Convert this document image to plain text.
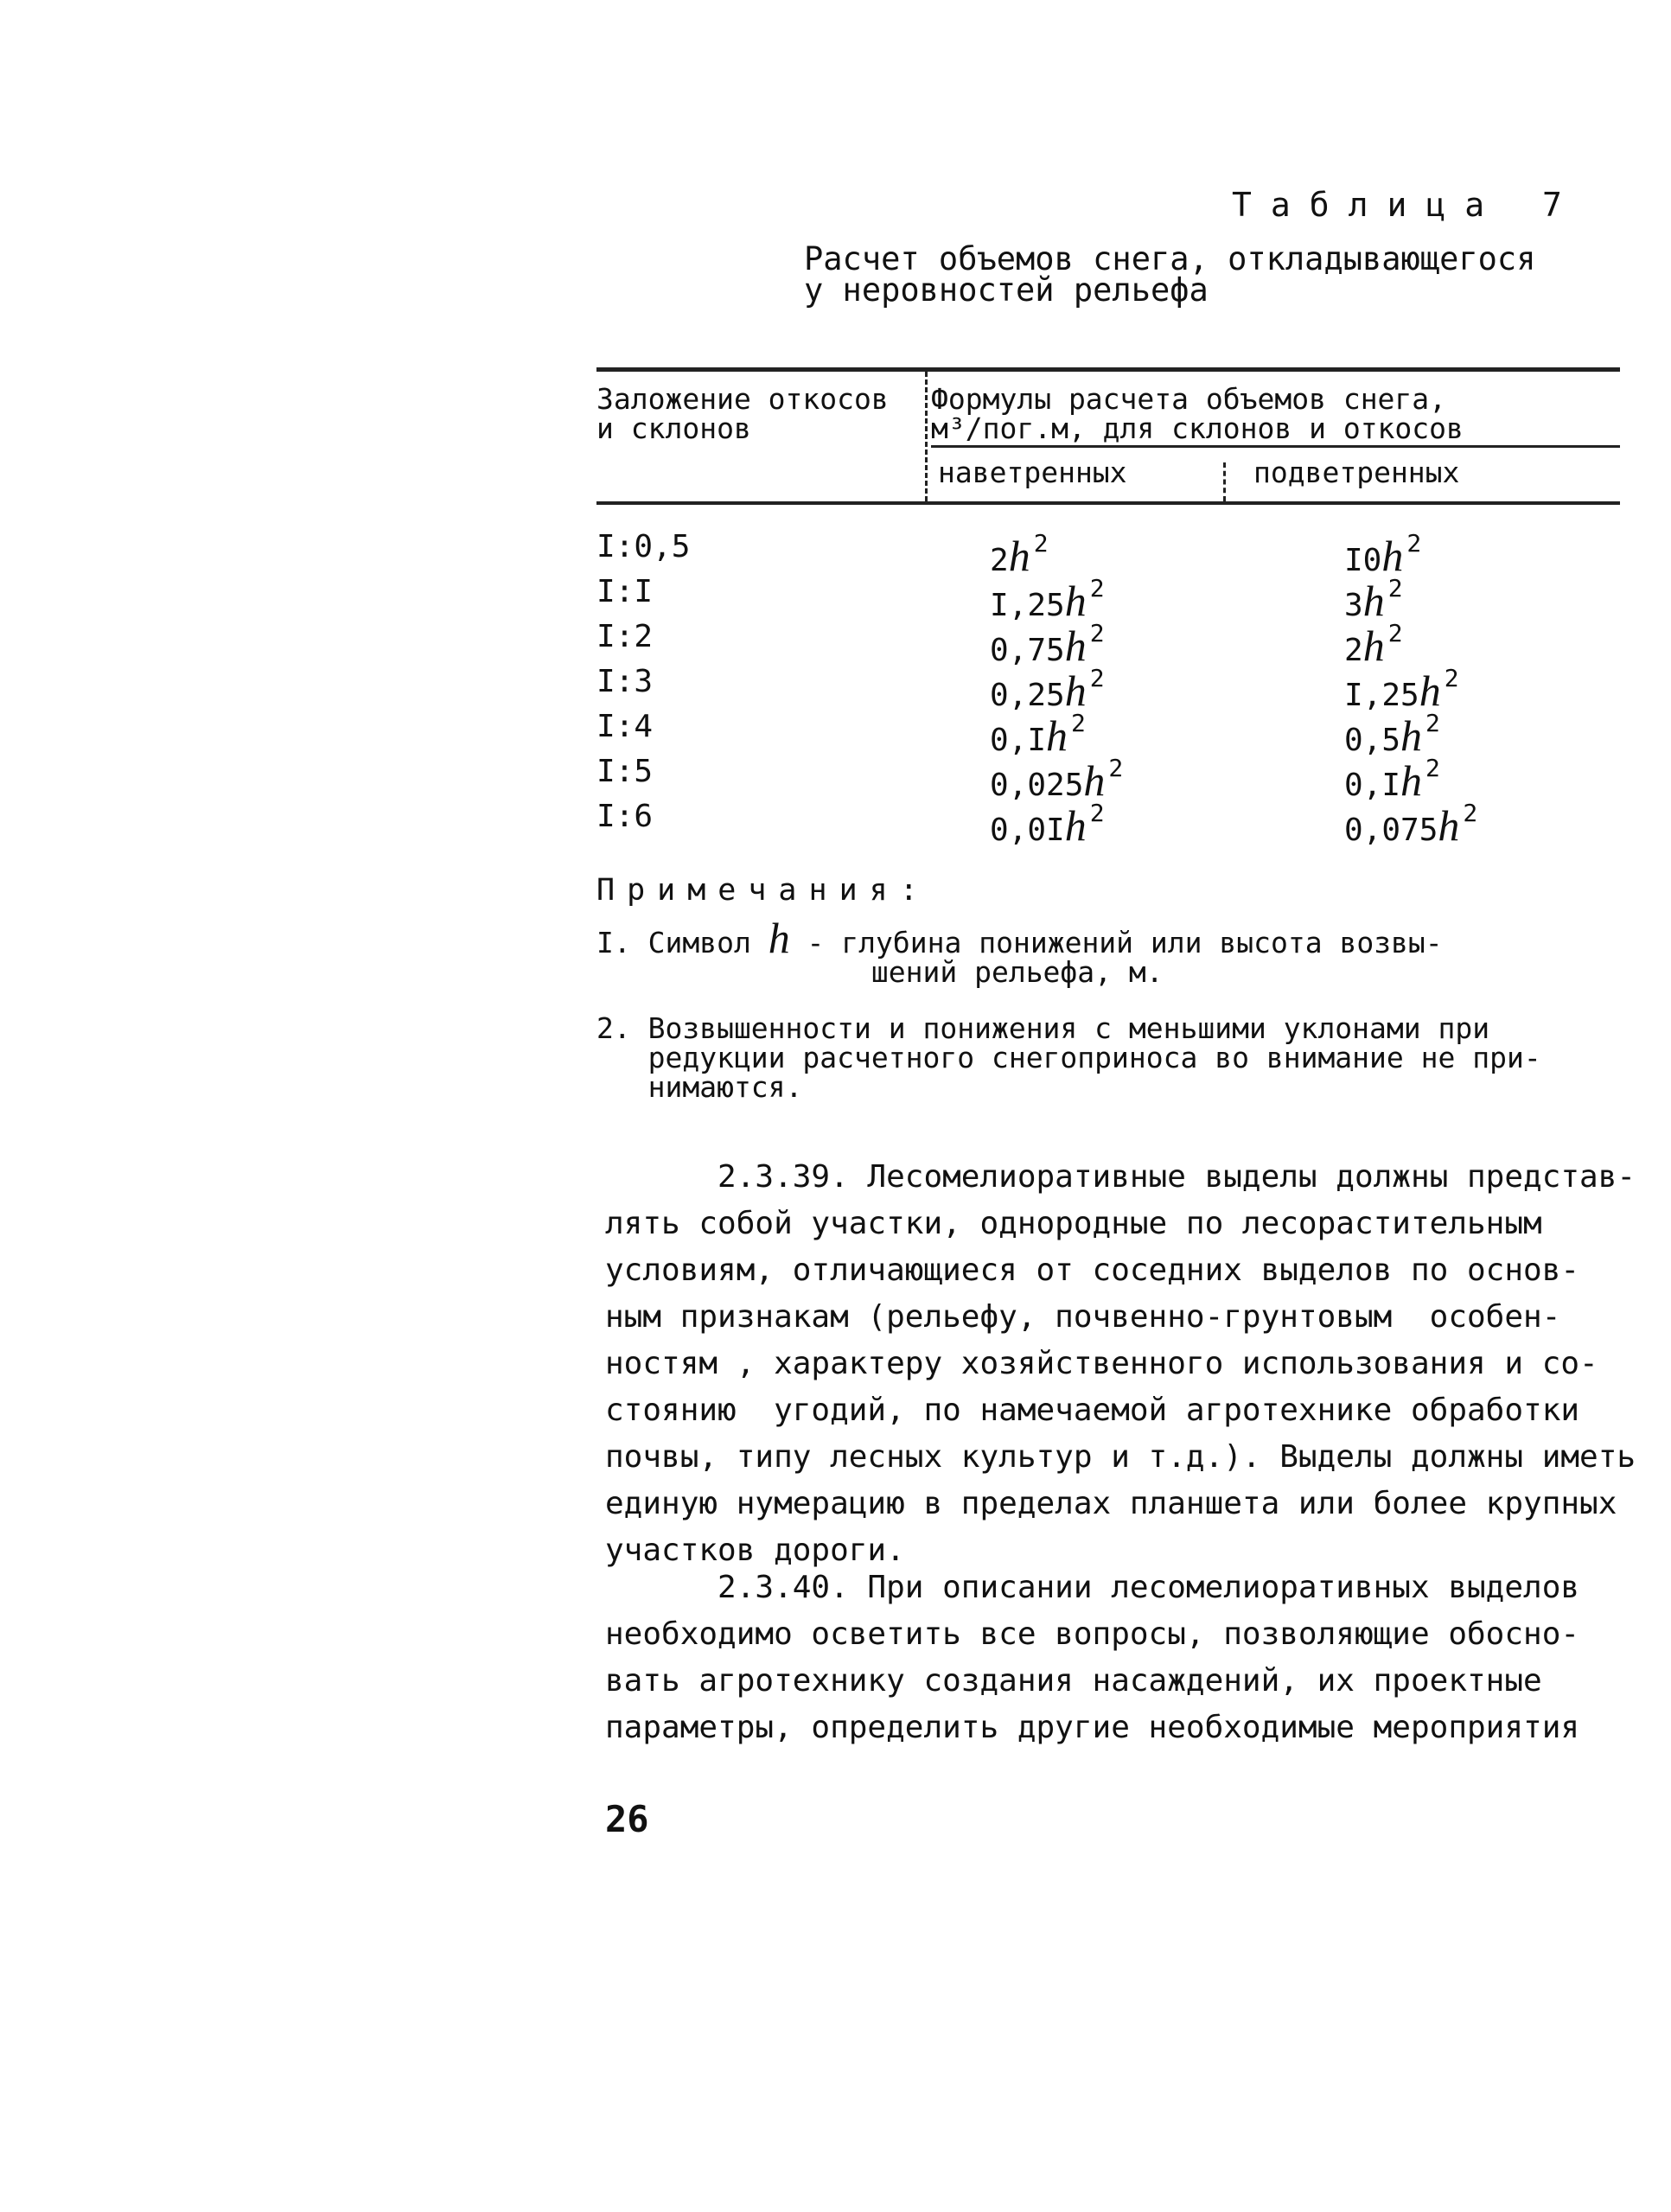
Таблица 7
Расчет объемов снега, откладывающегося
у неровностей рельефа
Заложение откосов
и склонов
Формулы расчета объемов снега,
м³/пог.м, для склонов и откосов
наветренных	подветренных
I:0,5	2h $^2$	I0h $^2$
I:I	I,25h $^2$	3h $^2$
I:2	0,75h $^2$	2h $^2$
I:3	0,25h $^2$	I,25h $^2$
I:4	0,Ih $^2$	0,5h $^2$
I:5	0,025h $^2$	0,Ih $^2$
I:6	0,0Ih $^2$	0,075h $^2$
Примечания:
I. Символ h - глубина понижений или высота возвы-
шений рельефа, м.
2. Возвышенности и понижения с меньшими уклонами при
редукции расчетного снегоприноса во внимание не при-
нимаются.
2.3.39. Лесомелиоративные выделы должны представ-
лять собой участки, однородные по лесорастительным
условиям, отличающиеся от соседних выделов по основ-
ным признакам (рельефу, почвенно-грунтовым  особен-
ностям , характеру хозяйственного использования и со-
стоянию  угодий, по намечаемой агротехнике обработки
почвы, типу лесных культур и т.д.). Выделы должны иметь
единую нумерацию в пределах планшета или более крупных
участков дороги.
2.3.40. При описании лесомелиоративных выделов
необходимо осветить все вопросы, позволяющие обосно-
вать агротехнику создания насаждений, их проектные
параметры, определить другие необходимые мероприятия
26
